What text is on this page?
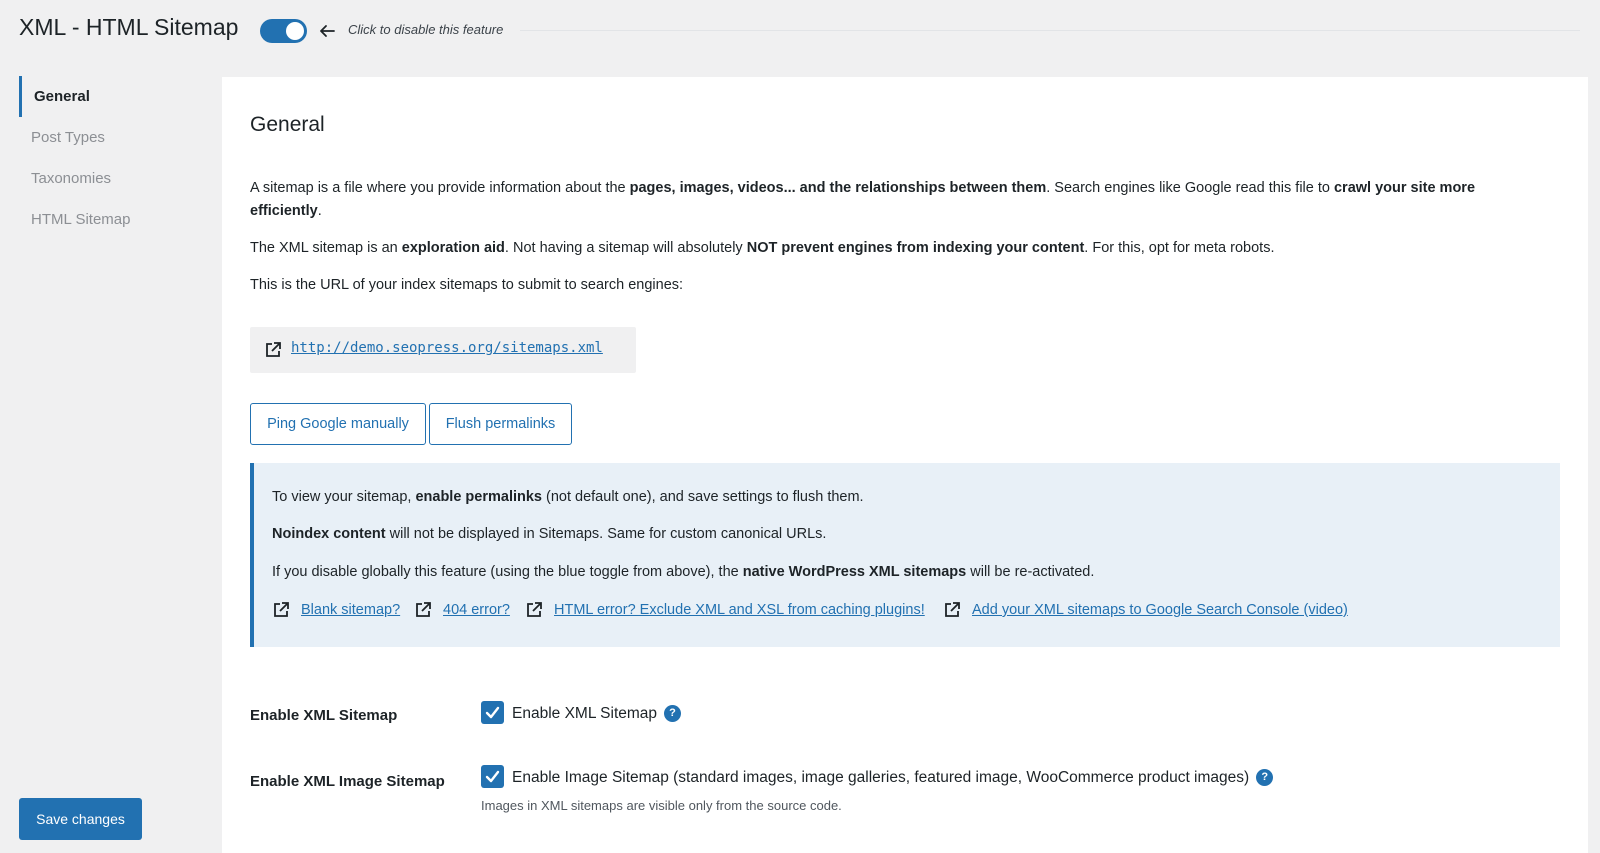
XML - HTML Sitemap	Click to disable this feature
General
Post Types
Taxonomies
HTML Sitemap
Save changes
General
A sitemap is a file where you provide information about the pages, images, videos... and the relationships between them. Search engines like Google read this file to crawl your site more efficiently.
The XML sitemap is an exploration aid. Not having a sitemap will absolutely NOT prevent engines from indexing your content. For this, opt for meta robots.
This is the URL of your index sitemaps to submit to search engines:
http://demo.seopress.org/sitemaps.xml
Ping Google manually	Flush permalinks
To view your sitemap, enable permalinks (not default one), and save settings to flush them.
Noindex content will not be displayed in Sitemaps. Same for custom canonical URLs.
If you disable globally this feature (using the blue toggle from above), the native WordPress XML sitemaps will be re-activated.
Blank sitemap?	404 error?	HTML error? Exclude XML and XSL from caching plugins!	Add your XML sitemaps to Google Search Console (video)
Enable XML Sitemap	Enable XML Sitemap ?
Enable XML Image Sitemap	Enable Image Sitemap (standard images, image galleries, featured image, WooCommerce product images) ?
Images in XML sitemaps are visible only from the source code.
